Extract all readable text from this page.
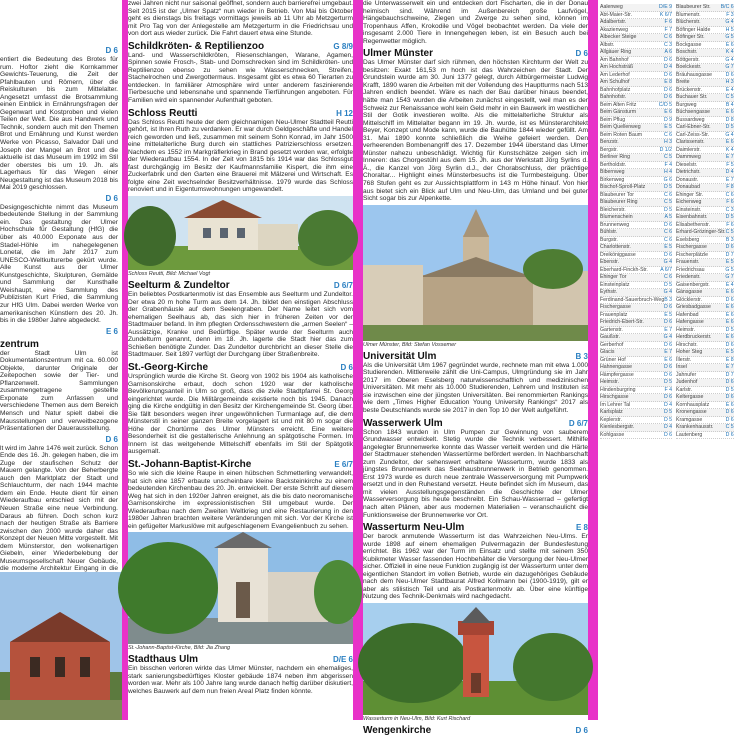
D 6

entiert die Bedeutung des Brotes für rum. Hoftor zieht die Kornkammer Gewichts-Teuerung, die Zeit der Pfahlbauten und Römern, über die Reiskulturen bis zum Mittelalter. Angesetzt umfasst die Brotsammlung einen Einblick in Ernährungsfragen der Gegenwart und Kostproben und vielen Teilen der Welt. Die aus Handwerk und Technik, sondern auch mit den Themen Brot und Ernährung und Kunst werden Werke von Picasso, Salvador Dalí und Joseph der Mangel an Brot und die aktuelle ist das Museum im 1992 im Stil der oberstes bis um 19. Jh. als Lagerhaus für das Wegen einer Neugestaltung ist das Museum 2018 bis Mai 2019 geschlossen.

D 6

Designgeschichte nimmt das Museum bedeutende Stellung in der Sammlung ein. Das gestaltung der Ulmer Hochschule für Gestaltung (HfG) die über als 40.000 Exponate aus der Stadel-Höhle im nahegelegenen Lonetal, die im Jahr 2017 zum UNESCO-Weltkulturerbe gekürt wurde. Alle Kunst aus der Ulmer Kunstgeschichte, Skulpturen, Gemälde und Sammlung der Kunsthalle Weishaupt, eine Sammlung des Publizisten Kurt Fried, die Sammlung zur HfG Ulm. Dabei werden Werke von amerikanischen Künstlern des 20. Jh. bis in die 1980er Jahre abgedeckt.

E 6
zentrum

der Stadt Ulm ist Dokumentationszentrum mit ca. 60.000 Objekte, darunter Originale der Zeitepochen sowie der Tier- und Pflanzenwelt. Sammlungen zusammengetragene gestellte Exponate zum Anfassen und verschiedene Themen aus dem Bereich Mensch und Natur spielt dabei die Mausstellungen und verweitbezogene Präsentationen der Dauerausstellung.

D 6

lt wird im Jahre 1476 weit zurück. Schon Ende des 16. Jh. gelegen haben, die im Zuge der staufischen Schutz der Mauern gelangte. Von der Beherbergte auch den Marktplatz der Stadt und Schlauchturm, der nach 1944 machte dem ein Ende. Heute dient für einen Wiederaufbau entschied sich mit der Neuen Straße eine neue Verbindung. Daraus ab führen. Doch schon kurz nach der heutigen Straße als Barriere zwischen den 2000 wurde daher das Konzept der Neuen Mitte vorgestellt. Mit dem Münsterstor, den wolkenartigen Giebeln, einer Wiederbelebung der Museumsgesellschaft Neuer Gebäude, die moderne Architektur Eingang in die

zwei Jahren nicht nur saisonal geöffnet, sondern auch barrierefrei umgebaut. Seit 2015 ist der „Ulmer Spatz“ nun wieder in Betrieb. Von Mai bis Oktober geht es dienstags bis freitags vormittags jeweils ab 11 Uhr ab Metzgerturm mit Pro Tag von der Anlegestelle am Metzgerturm in die Friedrichsau und von dort aus wieder zurück. Die Fahrt dauert etwa eine Stunde.

Schildkröten- & Reptilienzoo	G 8/9

Land- und Wasserschildkröten, Riesenschlangen, Warane, Agamen, Spinnen sowie Frosch-, Stab- und Dornschrecken sind im Schildkröten- und Reptilienzoo ebenso zu sehen wie Wasserschnecken, Streifen, Stachelrochen und Zwergottermaus. Insgesamt gibt es etwa 60 Tierarten zu entdecken. In familiärer Atmosphäre wird unter anderem faszinierende Tierbesuche und lebensnahe und spannende Tierführungen angeboten. Für Familien wird ein spannender Aufenthalt geboten.

Schloss Reutti	H 12

Das Schloss Reutti heute der dem gleichnamigen Neu-Ulmer Stadtteil Reutti gehört, ist Ihren Ruth zu verdanken. Er war durch Geldgeschäfte und Handel reich geworden und ließ, zusammen mit seinem Sohn Konrad, im Jahr 1500 eine mittelalterliche Burg durch ein stattliches Patrizierschloss ersetzen. Nachdem es 1552 im Markgräflerkrieg in Brand gesetzt worden war, erfolgte der Wiederaufbau 1554. In der Zeit von 1815 bis 1914 war das Schlossgut fast durchgängig im Besitz der Kaufmannsfamilie Kispert, die ihm eine Zuckerfabrik und den Garten eine Brauerei mit Mälzerei und Wirtschaft. Es folgte eine Zeit wechselnder Besitzverhältnisse. 1979 wurde das Schloss renoviert und in Eigentumswohnungen umgewandelt.

Schloss Reutti, Bild: Michael Vogt
Seelturm & Zundeltor	D 6/7

Ein beliebtes Postkartenmotiv ist das Ensemble aus Seelturm und Zundeltor. Der etwa 20 m hohe Turm aus dem 14. Jh. bildet den einstigen Abschluss der Grabenhäusle auf dem Seelengraben. Der Name leitet sich vom ehemaligen Seelhaus ab, das sich hier in früheren Zeiten vor der Stadtmauer befand. In ihm pflegten Ordensschwestern die „armen Seelen“ – Aussätzige, Kranke und Bedürftige. Später wurde der Seelturm auch Zundelturm genannt, denn im 18. Jh. lagerte die Stadt hier das zum Schießen benötigte Zunder. Das Zundeltor durchbricht an dieser Stelle die Stadtmauer. Seit 1897 verfügt der Durchgang über Straßenbreite.

St.-Georg-Kirche	D 6

Ursprünglich wurde die Kirche St. Georg von 1902 bis 1904 als katholische Garnisonskirche erbaut, doch schon 1920 war der katholische Bevölkerungsanteil in Ulm so groß, dass die zivile Stadtpfarrei St. Georg eingerichtet wurde. Die Militärgemeinde existierte noch bis 1945. Danach ging die Kirche endgültig in den Besitz der Kirchengemeinde St. Georg über. Sie fällt besonders wegen ihrer ungewöhnlichen Turmanlage auf, die dem Münsterstil in seiner ganzen Breite vorgelagert ist und mit 80 m sogar die Höhe der Chortürme des Ulmer Münsters erreicht. Eine weitere Besonderheit ist die gestalterische Anlehnung an spätgotische Formen. Im Innern ist das weitgehende Mittelschiff ebenfalls im Stil der Spätgotik ausgemalt.

St.-Johann-Baptist-Kirche	E 6/7

So wie sich die kleine Raupe in einen hübschen Schmetterling verwandelt, hat sich eine 1857 erbaute unscheinbare kleine Backsteinkirche zu einem bedeutenden Kirchenbau des 20. Jh. entwickelt. Der erste Schritt auf diesem Weg hat sich in den 1920er Jahren ereignet, als die bis dato neoromanische Garnisonskirche im expressionistischen Stil umgebaut wurde. Der Wiederaufbau nach dem Zweiten Weltkrieg und eine Restaurierung in den 1980er Jahren brachten weitere Veränderungen mit sich. Vor der Kirche ist ein gefügelter Markuslöwe mit aufgeschlagenem Evangelienbuch zu sehen.

St.-Johann-Baptist-Kirche, Bild: Jia Zhang
Stadthaus Ulm	D/E 6

Ein bisschen verloren wirkte das Ulmer Münster, nachdem ein ehemaliges, stark sanierungsbedürftiges Kloster gebäude 1874 neben ihm abgerissen worden war. Mehr als 100 Jahre lang wurde danach heftig darüber diskutiert, welches Bauwerk auf dem nun freien Areal Platz finden könnte.

die Unterwasserwelt ein und entdecken dort Fischarten, die in der Donau heimisch sind. Während im Außenbereich große Laufvögel, Hängebauchschweine, Ziegen und Zwerge zu sehen sind, können im Tropenhaus Affen, Krokodile und Vögel beobachtet werden. Da viele der insgesamt 2.000 Tiere in Innengehegen leben, ist ein Besuch auch bei Regenwetter möglich.

Ulmer Münster	D 6

Das Ulmer Münster darf sich rühmen, den höchsten Kirchturm der Welt zu besitzen: Exakt 161,53 m hoch ist das Wahrzeichen der Stadt. Der Grundstein wurde am 30. Juni 1377 gelegt, durch Altbürgermeister Ludwig Krafft, 1890 waren die Arbeiten mit der Vollendung des Hauptturms nach 513 Jahren endlich beendet. Wäre es nach der Bau darüber hinaus beendet, hätte man 1543 wurden die Arbeiten zunächst eingestellt, weil man es der Schweiz zur Renaissance wohl kein Geld mehr in ein Bauwerk im westlichen Stil der Gotik investieren wollte. Als die mittelalterliche Struktur als Mittelschiff im Mittelalter begann im 19. Jh. wurde, ist es Münsterarchitekt Beyer, Konzept und Mode kann, wurde die Bauhütte 1844 wieder gefüllt. Am 31. Mai 1890 konnte schließlich die Weihe gefeiert werden. Den verheerenden Bombenangriff des 17. Dezember 1944 überstand das Ulmer Münster nahezu unbeschädigt. Wichtig für Kunstschätze zeigen sich im Inneren: das Chorgestühl aus dem 15. Jh. aus der Werkstatt Jörg Syrlins d. Ä., die Kanzel von Jörg Syrlin d.J., der Chorabschluss, der prächtige Choraltar... Highlight eines Münsterbesuchs ist die Turmbesteigung. Über 768 Stufen geht es zur Aussichtsplattform in 143 m Höhe hinauf. Von hier aus bietet sich ein Blick auf Ulm und Neu-Ulm, das Umland und bei guter Sicht sogar bis zur Alpenkette.

Ulmer Münster, Bild: Stefan Vossemer
Universität Ulm	B 3

Als die Universität Ulm 1967 gegründet wurde, rechnete man mit etwa 1.000 Studierenden. Mittlerweile zählt die Uni-Campus, Ulmgründung sie im Jahr 2017 im Oberen Eselsberg naturwissenschaftlich und medizinischen Universitäten. Mit mehr als 10.000 Studierenden, Lehrern und Instituten ist sie inzwischen eine der jüngsten Universitäten. Bei renommierten Rankings wie dem „Times Higher Education Young University Rankings“ 2017 als beste Deutschlands wurde sie 2017 in den Top 10 der Welt aufgeführt.

Wasserwerk Ulm	D 6/7

Schon 1843 wurden in Ulm Pumpen zur Gewinnung von sauberem Grundwasser entwickelt. Stetig wurde die Technik verbessert. Mithilfe angelegter Brunnenwerke konnte das Wasser verteilt werden und die Härte der Stadtmauer stehenden Wassertürme befördert werden. In Nachbarschaft zum Zundeltor, der sehenswert erhaltene Wasserturm, wurde 1833 als jüngstes Brunnenwerk das Seelhausbrunnenwerk in Betrieb genommen. Erst 1973 wurde es durch neue zentrale Wasserversorgung mit Pumpwerk ersetzt und in den Ruhestand versetzt. Heute befindet sich im Museum, das mit vielen Ausstellungsgegenständen die Geschichte der Ulmer Wasserversorgung bis heute beschreibt. Ein Schau-Wasserrad – gefertigt nach alten Plänen, aber aus modernen Materialien – veranschaulicht die Funktionsweise der Brunnenwerke vor Ort.

Wasserturm Neu-Ulm	E 8

Der barock anmutende Wasserturm ist das Wahrzeichen Neu-Ulms. Er wurde 1898 auf einem ehemaligen Pulvermagazin der Bundesfestung errichtet. Bis 1962 war der Turm im Einsatz und stellte mit seinem 350 Kubikmeter Wasser fassenden Hochbehälter die Versorgung der Neu-Ulmer sicher. Offiziell in eine neue Funktion zugängig ist der Wasserturm unter dem eigentlichen Standort im vollen Betrieb, wurde ein dazugehöriges Gebäude nach dem Neu-Ulmer Stadtbaurat Alfred Kollmann bei (1900-1919), gilt er aber als stilistisch Teil und als Postkartenmotiv ab. Über eine künftige Nutzung des Technik-Denkmals wird nachgedacht.

Wasserturm in Neu-Ulm, Bild: Kurt Rischard
Wengenkirche	D 6
Aalenweg	D/E 9 Blaubeurer Str. B/C 6
Abt-Maier-Str.	K 6/7 Blumenstr.	F 3
Adalbertstr.	F 6 Blücherstr.	G 4
Akazienweg	F 7 Böfinger Halde	H 5
Albecker Steige	C 6 Böfinger Str.	G 5
Albstr.	C 3 Bockgasse	E 6
Allgäuer Ring	A 6 Boschstr.	K 4
Am Bahnhof	D 6 Böttgerstr.	G 4
Am Hochsträß	D 4 Boelckestr.	G 7
Am Lederhof	D 6 Bräuhausgasse	D 6
Am Schulhof	E 8 Breite	H 3
Bahnhofplatz	D 6 Brückenstr.	E 4
Bahnhofstr.	D 6 Buchauer Str.	C 5
Beim Alten Fritz	C/D 5 Burgweg	B 4
Beim Gänsturm	E 6 Büchsengasse	E 6
Beim Pflug	D 9 Bussardweg	D 8
Beim Quellenweg	E 5 Carl-Ebner-Str.	D 5
Beim Roten Baum	C 6 Carl-Zeiss-Str.	G 4
Benzstr.	H 3 Clarissenstr.	E 6
Bergstr.	D 1/2 Daimlerstr.	K 4
Berliner Ring	C 5 Dammweg	E 7
Bertholdstr.	F 4 Dieselstr.	F 5
Bibernweg	H 4 Dietrichstr.	D 4
Birkenweg	G 6 Donaustr.	E 7
Bischof-Sproll-Platz	D 5 Donaubad	F 8
Blaubeurer Tor	C 6 Ehinger Str.	C 6
Blaubeurer Ring	C 5 Eichenweg	F 6
Bleicherstr.	D 5 Einsteinstr.	C 3
Blumenschein	A 5 Eisenbahnstr.	D 5
Brunnenweg	D 6 Elisabethenstr.	F 6
Bühlstr.	C 6 Erhard-Grözinger-Str. C 5
Burgstr.	C 6 Eselsberg	B 3
Charlottenstr.	E 5 Fischergasse	D 6
Dreiköniggasse	D 6 Fischerplätzle	D 7
Ebenstr.	G 4 Frauenstr.	E 5
Eberhard-Finckh-Str. A 6/7 Friedrichsau	G 5
Ehinger Tor	C 6 Friedenstr.	G 7
Einsteinplatz	D 5 Gaisenbergstr.	E 4
Eythstr.	G 4 Gänsgasse	E 6
Ferdinand-Sauerbruch-Weg B 3 Glöcklerstr.	D 6
Fischergasse	D 6 Griesbadgasse	E 6
Frauenplatz	E 5 Hafenbad	E 6
Friedrich-Ebert-Str.	D 6 Hafengasse	E 6
Gartenstr.	E 7 Heimstr.	D 5
Gaußstr.	G 4 Herdbruckerstr.	E 6
Gerberhof	D 6 Hirschstr.	D 6
Glacis	E 7 Hoher Steg	E 5
Grüner Hof	E 6 Illerstr.	E 8
Hahnengasse	D 6 Insel	E 7
Hämpfergasse	D 6 Jahnufer	D 7
Heimstr.	D 5 Judenhof	D 6
Hindenburgring	F 4 Karlstr.	D 5
Hirschgasse	D 6 Keltergasse	D 6
Im Lehrer Tal	D 4 Kornhausplatz	E 6
Karlsplatz	D 5 Kronengasse	D 6
Keplerstr.	D 5 Kramgasse	D 6
Kienlesbergstr.	D 4 Krankenhausstr. C 5
Kohlgasse	D 6 Lautenberg	D 6
